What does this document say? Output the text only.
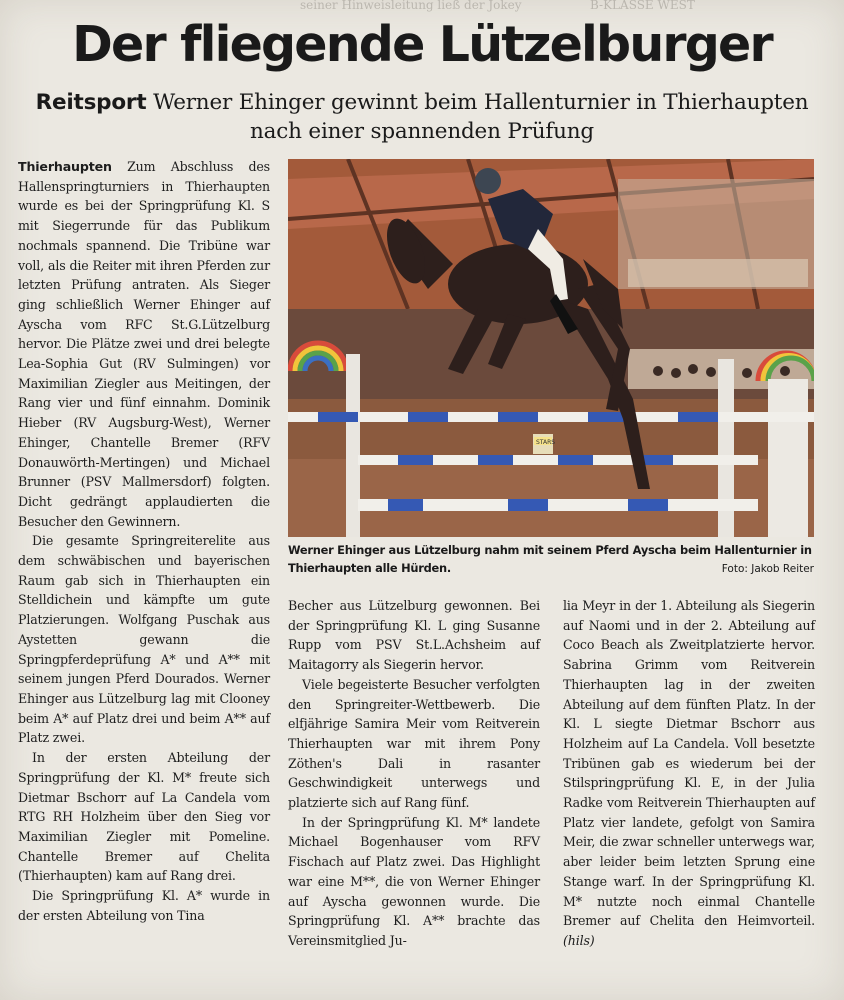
seiner Hinweisleitung ließ der Jokey	B-KLASSE WEST
Der fliegende Lützelburger
Reitsport Werner Ehinger gewinnt beim Hallenturnier in Thierhaupten
nach einer spannenden Prüfung

Thierhaupten Zum Abschluss des Hallenspringturniers in Thierhaupten wurde es bei der Springprüfung Kl. S mit Siegerrunde für das Publikum nochmals spannend. Die Tribüne war voll, als die Reiter mit ihren Pferden zur letzten Prüfung antraten. Als Sieger ging schließlich Werner Ehinger auf Ayscha vom RFC St.G.Lützelburg hervor. Die Plätze zwei und drei belegte Lea-Sophia Gut (RV Sulmingen) vor Maximilian Ziegler aus Meitingen, der Rang vier und fünf einnahm. Dominik Hieber (RV Augsburg-West), Werner Ehinger, Chantelle Bremer (RFV Donauwörth-Mertingen) und Michael Brunner (PSV Mallmersdorf) folgten. Dicht gedrängt applaudierten die Besucher den Gewinnern.

Die gesamte Springreiterelite aus dem schwäbischen und bayerischen Raum gab sich in Thierhaupten ein Stelldichein und kämpfte um gute Platzierungen. Wolfgang Puschak aus Aystetten gewann die Springpferdeprüfung A* und A** mit seinem jungen Pferd Dourados. Werner Ehinger aus Lützelburg lag mit Clooney beim A* auf Platz drei und beim A** auf Platz zwei.

In der ersten Abteilung der Springprüfung der Kl. M* freute sich Dietmar Bschorr auf La Candela vom RTG RH Holzheim über den Sieg vor Maximilian Ziegler mit Pomeline. Chantelle Bremer auf Chelita (Thierhaupten) kam auf Rang drei.

Die Springprüfung Kl. A* wurde in der ersten Abteilung von Tina

STARS
Werner Ehinger aus Lützelburg nahm mit seinem Pferd Ayscha beim Hallenturnier in Thierhaupten alle Hürden.	Foto: Jakob Reiter

Becher aus Lützelburg gewonnen. Bei der Springprüfung Kl. L ging Susanne Rupp vom PSV St.L.Achsheim auf Maitagorry als Siegerin hervor.

Viele begeisterte Besucher verfolgten den Springreiter-Wettbewerb. Die elfjährige Samira Meir vom Reitverein Thierhaupten war mit ihrem Pony Zöthen's Dali in rasanter Geschwindigkeit unterwegs und platzierte sich auf Rang fünf.

In der Springprüfung Kl. M* landete Michael Bogenhauser vom RFV Fischach auf Platz zwei. Das Highlight war eine M**, die von Werner Ehinger auf Ayscha gewonnen wurde. Die Springprüfung Kl. A** brachte das Vereinsmitglied Ju-

lia Meyr in der 1. Abteilung als Siegerin auf Naomi und in der 2. Abteilung auf Coco Beach als Zweitplatzierte hervor. Sabrina Grimm vom Reitverein Thierhaupten lag in der zweiten Abteilung auf dem fünften Platz. In der Kl. L siegte Dietmar Bschorr aus Holzheim auf La Candela. Voll besetzte Tribünen gab es wiederum bei der Stilspringprüfung Kl. E, in der Julia Radke vom Reitverein Thierhaupten auf Platz vier landete, gefolgt von Samira Meir, die zwar schneller unterwegs war, aber leider beim letzten Sprung eine Stange warf. In der Springprüfung Kl. M* nutzte noch einmal Chantelle Bremer auf Chelita den Heimvorteil. (hils)
